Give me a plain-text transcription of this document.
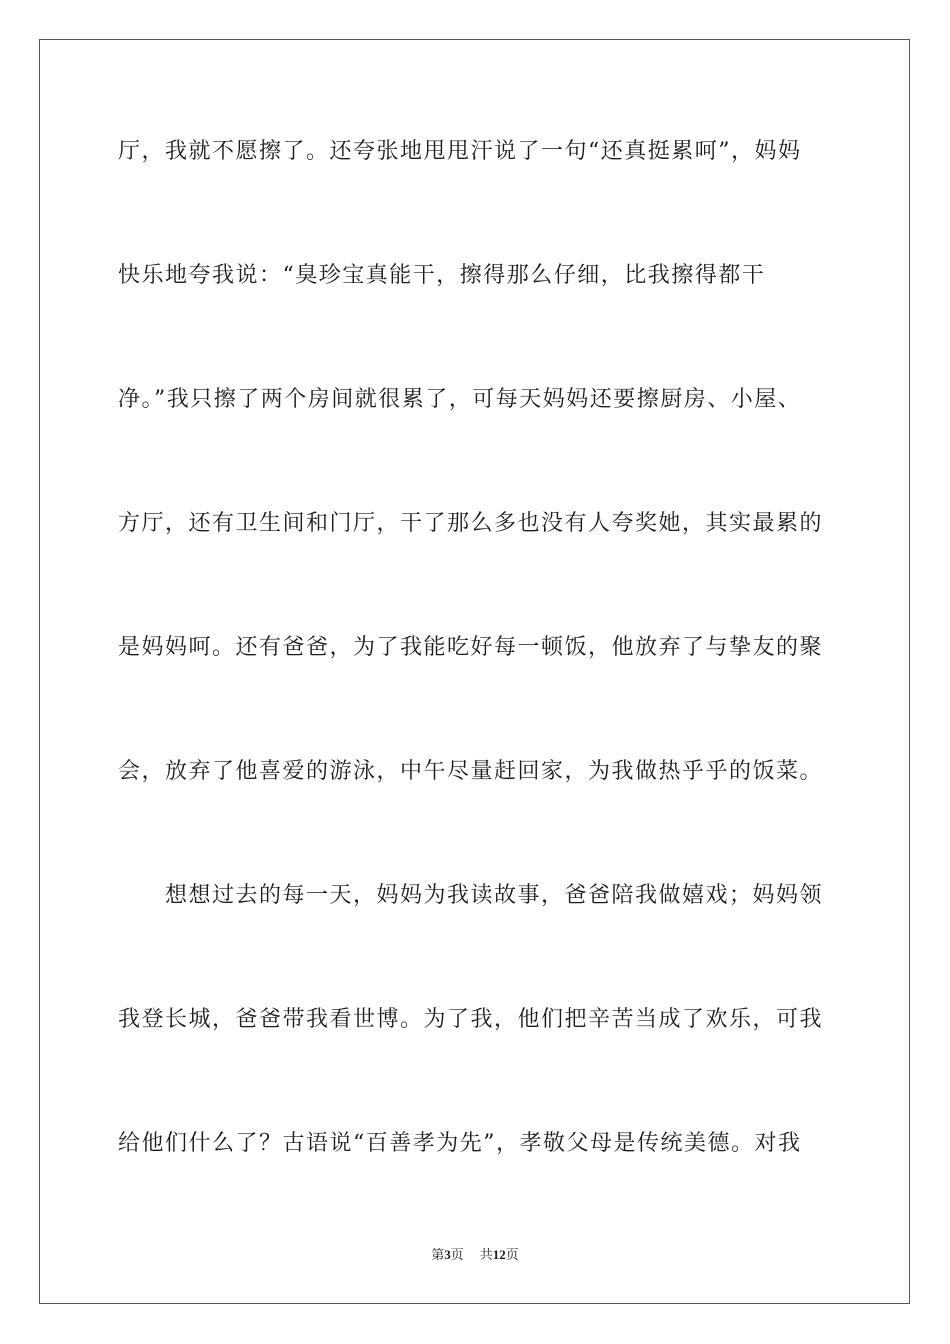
厅，我就不愿擦了。还夸张地甩甩汗说了一句“还真挺累呵”，妈妈
快乐地夸我说：“臭珍宝真能干，擦得那么仔细，比我擦得都干
净。”我只擦了两个房间就很累了，可每天妈妈还要擦厨房、小屋、
方厅，还有卫生间和门厅，干了那么多也没有人夸奖她，其实最累的
是妈妈呵。还有爸爸，为了我能吃好每一顿饭，他放弃了与挚友的聚
会，放弃了他喜爱的游泳，中午尽量赶回家，为我做热乎乎的饭菜。
想想过去的每一天，妈妈为我读故事，爸爸陪我做嬉戏；妈妈领
我登长城，爸爸带我看世博。为了我，他们把辛苦当成了欢乐，可我
给他们什么了？古语说“百善孝为先”，孝敬父母是传统美德。对我
第3页 共12页
